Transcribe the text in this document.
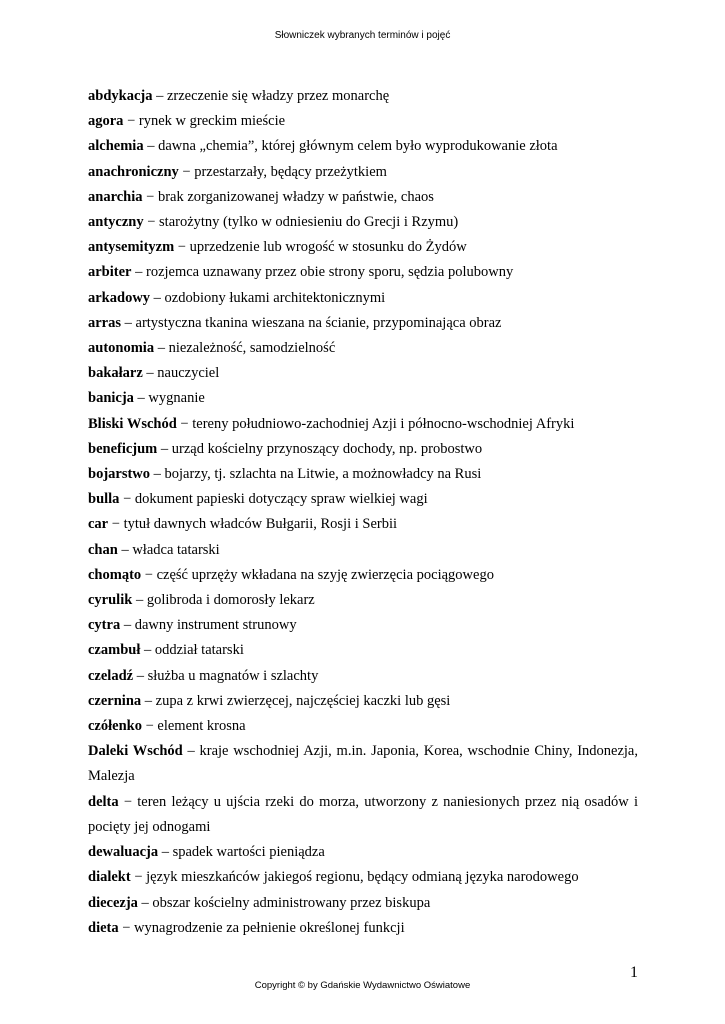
Słowniczek wybranych terminów i pojęć
abdykacja – zrzeczenie się władzy przez monarchę
agora − rynek w greckim mieście
alchemia – dawna „chemia”, której głównym celem było wyprodukowanie złota
anachroniczny − przestarzały, będący przeżytkiem
anarchia − brak zorganizowanej władzy w państwie, chaos
antyczny − starożytny (tylko w odniesieniu do Grecji i Rzymu)
antysemityzm − uprzedzenie lub wrogość w stosunku do Żydów
arbiter – rozjemca uznawany przez obie strony sporu, sędzia polubowny
arkadowy – ozdobiony łukami architektonicznymi
arras – artystyczna tkanina wieszana na ścianie, przypominająca obraz
autonomia – niezależność, samodzielność
bakałarz – nauczyciel
banicja – wygnanie
Bliski Wschód − tereny południowo-zachodniej Azji i północno-wschodniej Afryki
beneficjum – urząd kościelny przynoszący dochody, np. probostwo
bojarstwo – bojarzy, tj. szlachta na Litwie, a możnowładcy na Rusi
bulla − dokument papieski dotyczący spraw wielkiej wagi
car − tytuł dawnych władców Bułgarii, Rosji i Serbii
chan – władca tatarski
chomąto − część uprzęży wkładana na szyję zwierzęcia pociągowego
cyrulik – golibroda i domorosły lekarz
cytra – dawny instrument strunowy
czambuł – oddział tatarski
czeladź – służba u magnatów i szlachty
czernina – zupa z krwi zwierzęcej, najczęściej kaczki lub gęsi
czółenko − element krosna
Daleki Wschód – kraje wschodniej Azji, m.in. Japonia, Korea, wschodnie Chiny, Indonezja, Malezja
delta − teren leżący u ujścia rzeki do morza, utworzony z naniesionych przez nią osadów i pocięty jej odnogami
dewaluacja – spadek wartości pieniądza
dialekt − język mieszkańców jakiegoś regionu, będący odmianą języka narodowego
diecezja – obszar kościelny administrowany przez biskupa
dieta − wynagrodzenie za pełnienie określonej funkcji
1
Copyright © by Gdańskie Wydawnictwo Oświatowe
